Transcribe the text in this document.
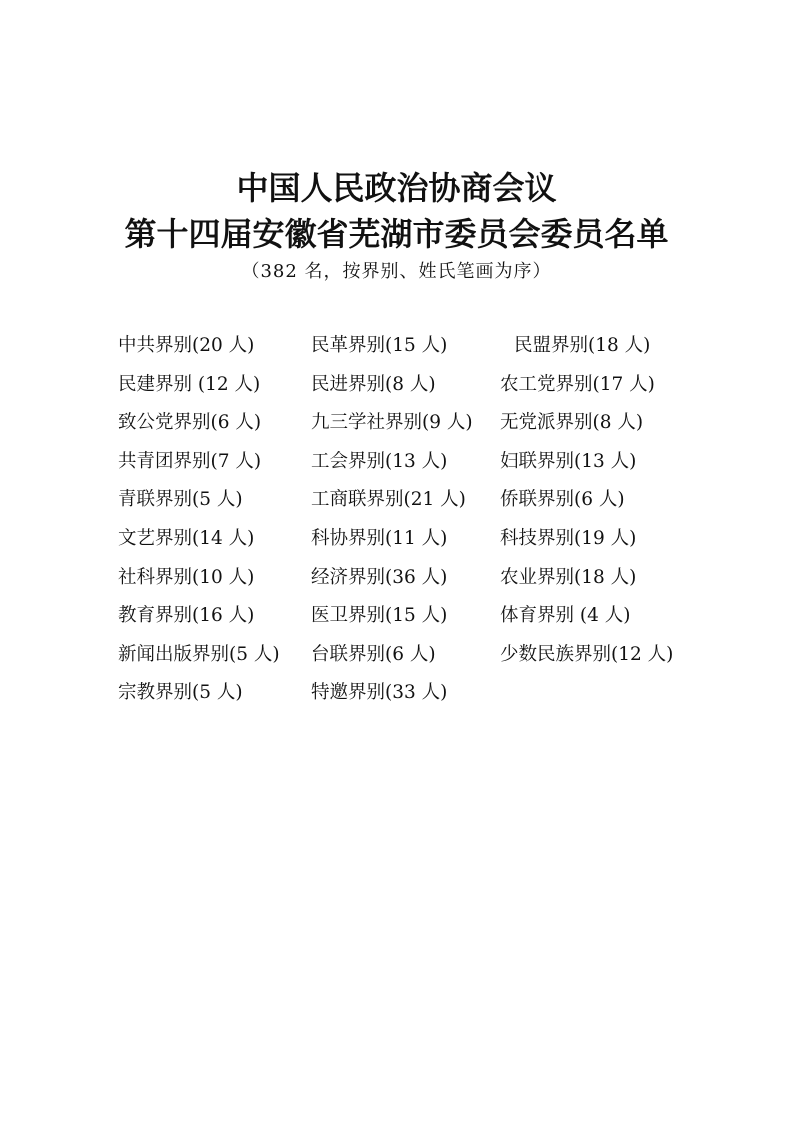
中国人民政治协商会议
第十四届安徽省芜湖市委员会委员名单
（382 名，按界别、姓氏笔画为序）
中共界别(20 人)	民革界别(15 人)	民盟界别(18 人)
民建界别 (12 人)	民进界别(8 人)	农工党界别(17 人)
致公党界别(6 人)	九三学社界别(9 人) 无党派界别(8 人)
共青团界别(7 人)	工会界别(13 人)	妇联界别(13 人)
青联界别(5 人)	工商联界别(21 人) 侨联界别(6 人)
文艺界别(14 人)	科协界别(11 人)	科技界别(19 人)
社科界别(10 人)	经济界别(36 人)	农业界别(18 人)
教育界别(16 人)	医卫界别(15 人)	体育界别 (4 人)
新闻出版界别(5 人) 台联界别(6 人)	少数民族界别(12 人)
宗教界别(5 人)	特邀界别(33 人)
